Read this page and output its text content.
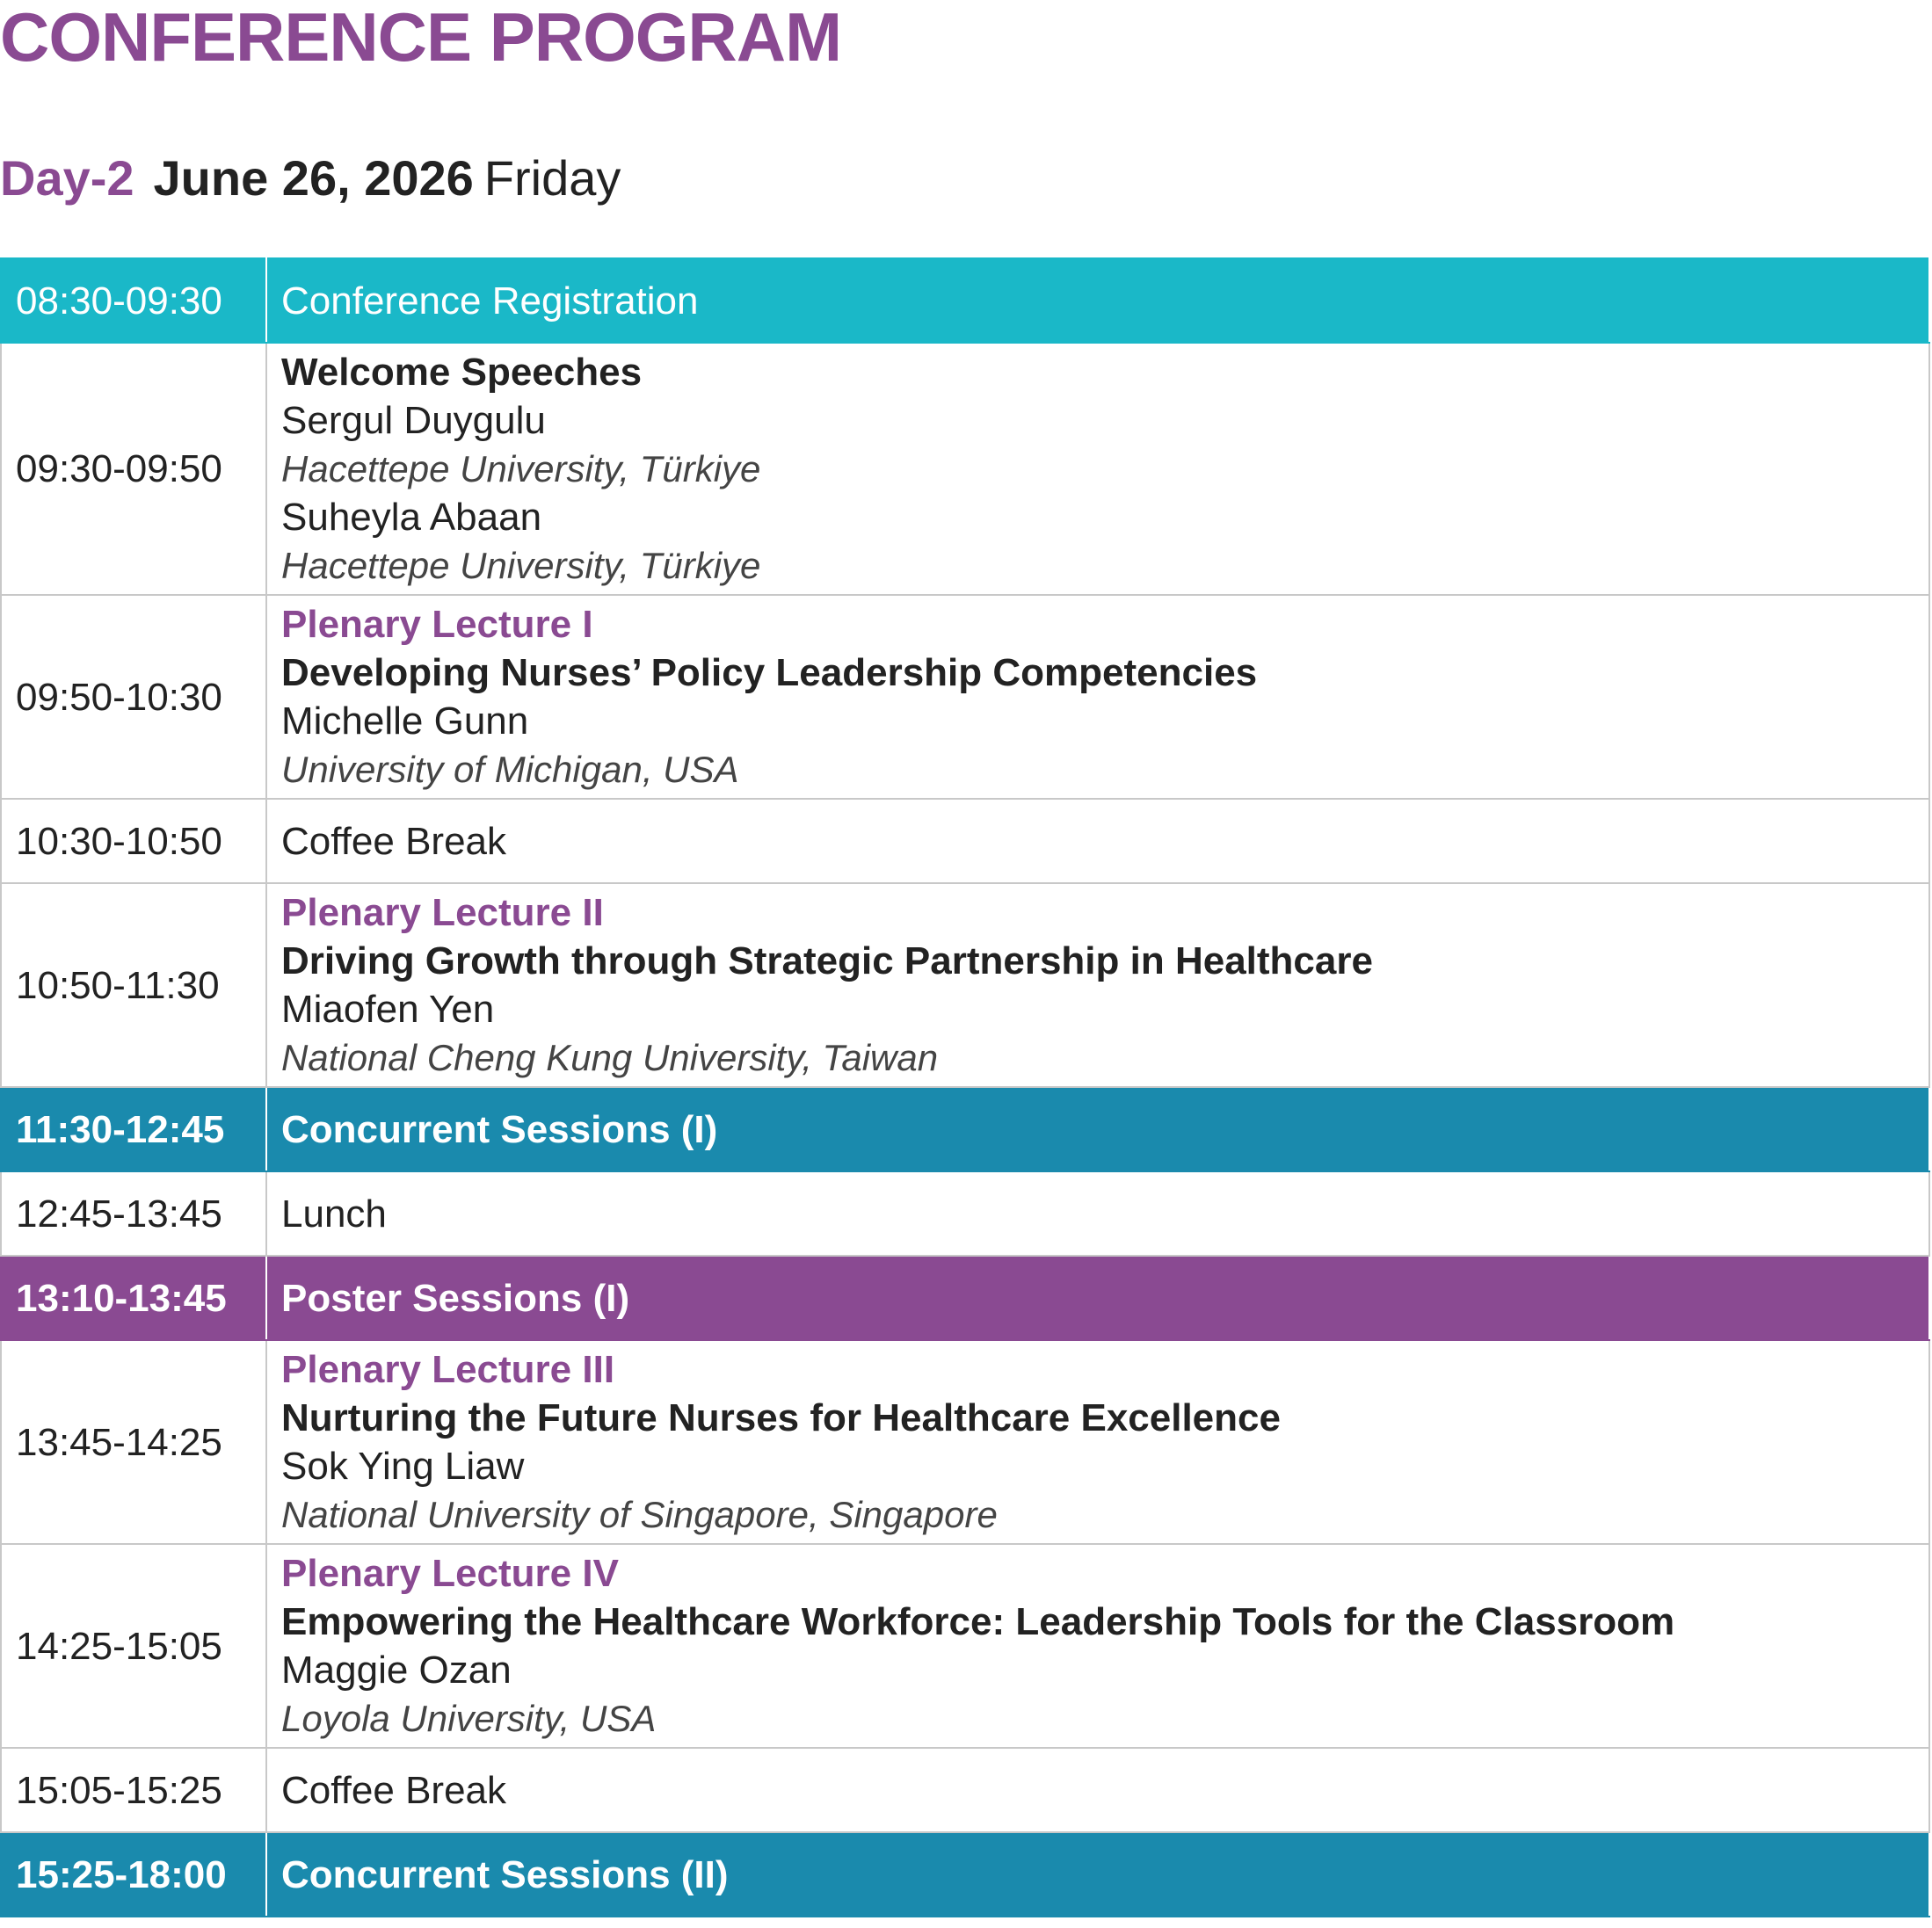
CONFERENCE PROGRAM
Day-2 June 26, 2026 Friday
08:30-09:30	Conference Registration
09:30-09:50	Welcome Speeches
Sergul Duygulu
Hacettepe University, Türkiye
Suheyla Abaan
Hacettepe University, Türkiye

09:50-10:30	Plenary Lecture I
Developing Nurses’ Policy Leadership Competencies
Michelle Gunn
University of Michigan, USA

10:30-10:50	Coffee Break
10:50-11:30	Plenary Lecture II
Driving Growth through Strategic Partnership in Healthcare
Miaofen Yen
National Cheng Kung University, Taiwan

11:30-12:45	Concurrent Sessions (I)
12:45-13:45	Lunch
13:10-13:45	Poster Sessions (I)
13:45-14:25	Plenary Lecture III
Nurturing the Future Nurses for Healthcare Excellence
Sok Ying Liaw
National University of Singapore, Singapore

14:25-15:05	Plenary Lecture IV
Empowering the Healthcare Workforce: Leadership Tools for the Classroom
Maggie Ozan
Loyola University, USA

15:05-15:25	Coffee Break
15:25-18:00	Concurrent Sessions (II)
